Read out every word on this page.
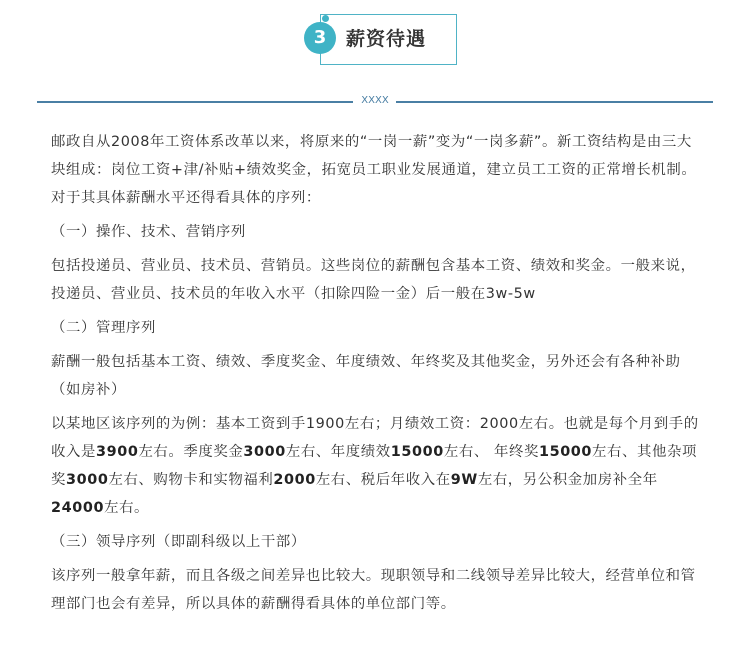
3	薪资待遇
XXXX

邮政自从2008年工资体系改革以来，将原来的“一岗一薪”变为“一岗多薪”。新工资结构是由三大块组成：岗位工资+津/补贴+绩效奖金，拓宽员工职业发展通道，建立员工工资的正常增长机制。对于其具体薪酬水平还得看具体的序列：

（一）操作、技术、营销序列

包括投递员、营业员、技术员、营销员。这些岗位的薪酬包含基本工资、绩效和奖金。一般来说，投递员、营业员、技术员的年收入水平（扣除四险一金）后一般在3w-5w

（二）管理序列

薪酬一般包括基本工资、绩效、季度奖金、年度绩效、年终奖及其他奖金，另外还会有各种补助（如房补）

以某地区该序列的为例：基本工资到手1900左右；月绩效工资：2000左右。也就是每个月到手的收入是3900左右。季度奖金3000左右、年度绩效15000左右、 年终奖15000左右、其他杂项奖3000左右、购物卡和实物福利2000左右、税后年收入在9W左右，另公积金加房补全年24000左右。

（三）领导序列（即副科级以上干部）

该序列一般拿年薪，而且各级之间差异也比较大。现职领导和二线领导差异比较大，经营单位和管理部门也会有差异，所以具体的薪酬得看具体的单位部门等。
